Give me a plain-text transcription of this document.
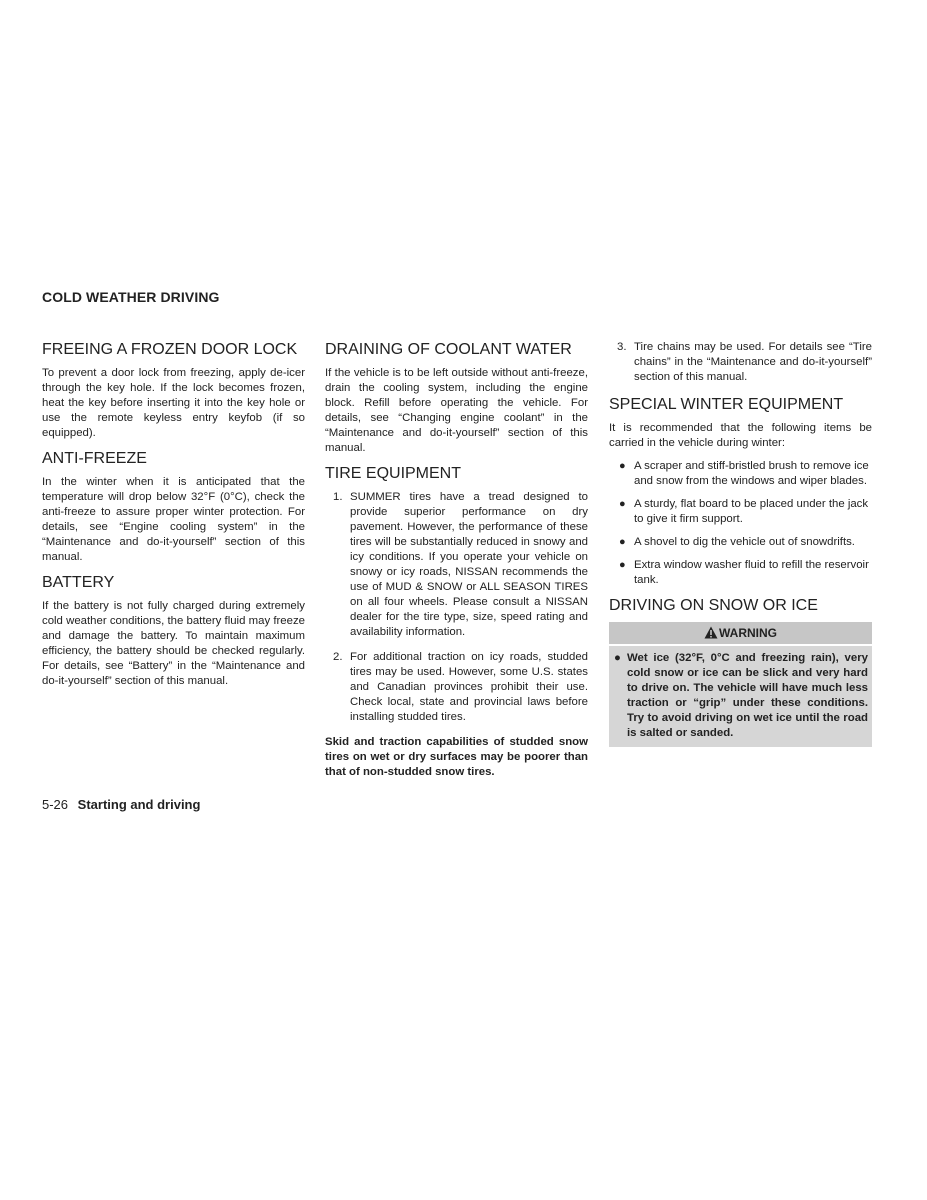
COLD WEATHER DRIVING
FREEING A FROZEN DOOR LOCK

To prevent a door lock from freezing, apply de-icer through the key hole. If the lock becomes frozen, heat the key before inserting it into the key hole or use the remote keyless entry keyfob (if so equipped).

ANTI-FREEZE

In the winter when it is anticipated that the temperature will drop below 32°F (0°C), check the anti-freeze to assure proper winter protection. For details, see “Engine cooling system” in the “Maintenance and do-it-yourself” section of this manual.

BATTERY

If the battery is not fully charged during extremely cold weather conditions, the battery fluid may freeze and damage the battery. To maintain maximum efficiency, the battery should be checked regularly. For details, see “Battery” in the “Maintenance and do-it-yourself” section of this manual.

DRAINING OF COOLANT WATER

If the vehicle is to be left outside without anti-freeze, drain the cooling system, including the engine block. Refill before operating the vehicle. For details, see “Changing engine coolant” in the “Maintenance and do-it-yourself” section of this manual.

TIRE EQUIPMENT
1. SUMMER tires have a tread designed to provide superior performance on dry pavement. However, the performance of these tires will be substantially reduced in snowy and icy conditions. If you operate your vehicle on snowy or icy roads, NISSAN recommends the use of MUD & SNOW or ALL SEASON TIRES on all four wheels. Please consult a NISSAN dealer for the tire type, size, speed rating and availability information.
2. For additional traction on icy roads, studded tires may be used. However, some U.S. states and Canadian provinces prohibit their use. Check local, state and provincial laws before installing studded tires.

Skid and traction capabilities of studded snow tires on wet or dry surfaces may be poorer than that of non-studded snow tires.

3. Tire chains may be used. For details see “Tire chains” in the “Maintenance and do-it-yourself” section of this manual.
SPECIAL WINTER EQUIPMENT

It is recommended that the following items be carried in the vehicle during winter:

● A scraper and stiff-bristled brush to remove ice and snow from the windows and wiper blades.
● A sturdy, flat board to be placed under the jack to give it firm support.
● A shovel to dig the vehicle out of snowdrifts.
● Extra window washer fluid to refill the reservoir tank.
DRIVING ON SNOW OR ICE
WARNING
● Wet ice (32°F, 0°C and freezing rain), very cold snow or ice can be slick and very hard to drive on. The vehicle will have much less traction or “grip” under these conditions. Try to avoid driving on wet ice until the road is salted or sanded.
5-26 Starting and driving
